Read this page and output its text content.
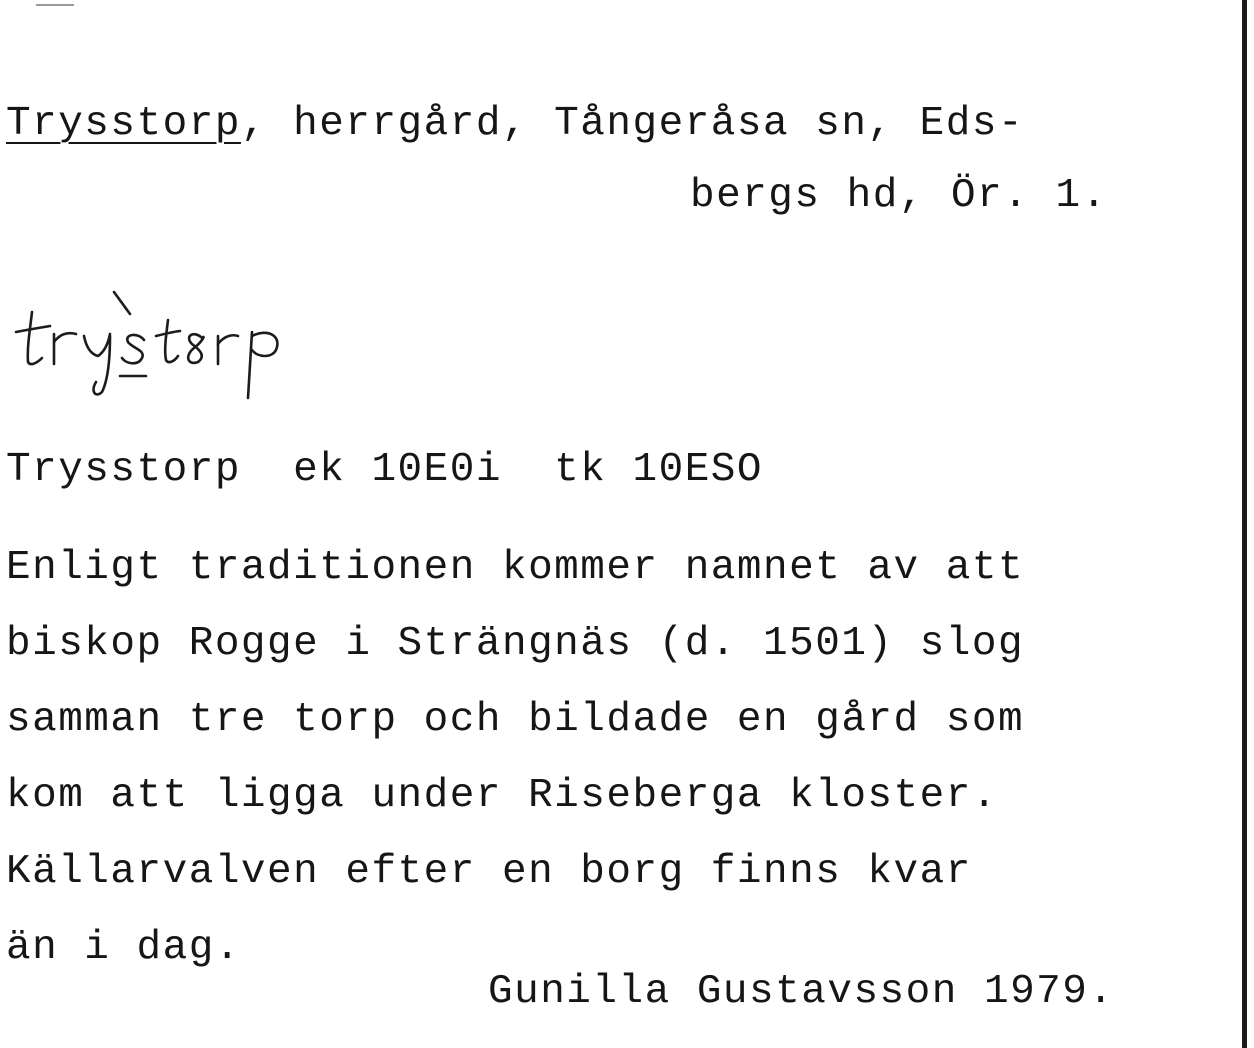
Trysstorp, herrgård, Tångeråsa sn, Eds-
bergs hd, Ör. 1.
Trysstorp  ek 10E0i  tk 10ESO
Enligt traditionen kommer namnet av att
biskop Rogge i Strängnäs (d. 1501) slog
samman tre torp och bildade en gård som
kom att ligga under Riseberga kloster.
Källarvalven efter en borg finns kvar
än i dag.
Gunilla Gustavsson 1979.
